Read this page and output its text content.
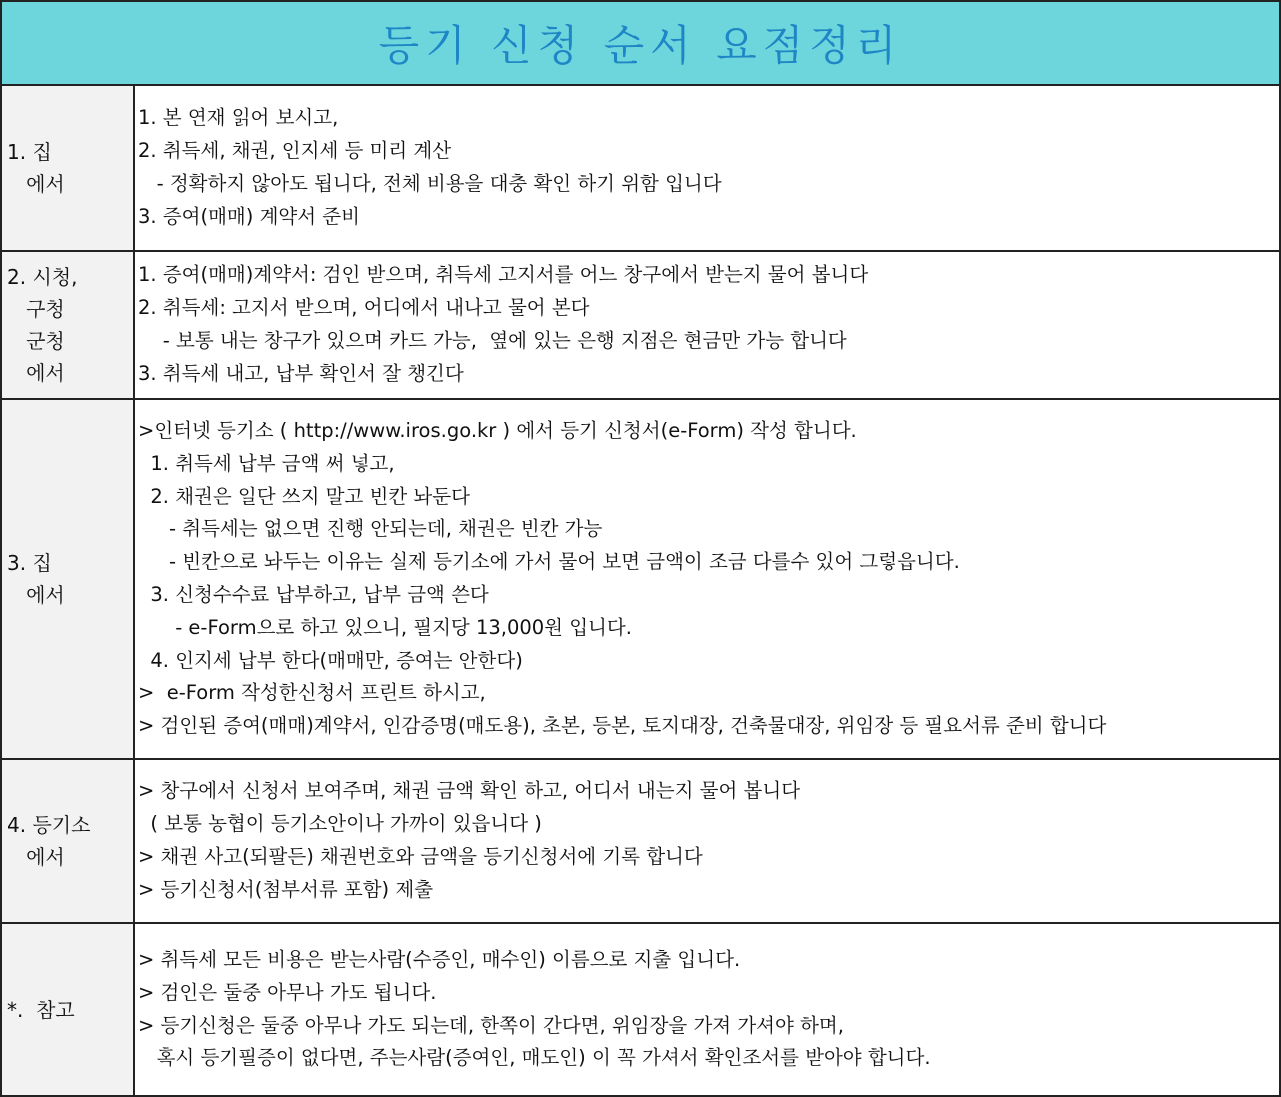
등기 신청 순서 요점정리
1. 집
에서
1. 본 연재 읽어 보시고,
2. 취득세, 채권, 인지세 등 미리 계산
- 정확하지 않아도 됩니다, 전체 비용을 대충 확인 하기 위함 입니다
3. 증여(매매) 계약서 준비
2. 시청,
구청
군청
에서
1. 증여(매매)계약서: 검인 받으며, 취득세 고지서를 어느 창구에서 받는지 물어 봅니다
2. 취득세: 고지서 받으며, 어디에서 내나고 물어 본다
- 보통 내는 창구가 있으며 카드 가능,  옆에 있는 은행 지점은 현금만 가능 합니다
3. 취득세 내고, 납부 확인서 잘 챙긴다
3. 집
에서
>인터넷 등기소 ( http://www.iros.go.kr ) 에서 등기 신청서(e-Form) 작성 합니다.
1. 취득세 납부 금액 써 넣고,
2. 채권은 일단 쓰지 말고 빈칸 놔둔다
- 취득세는 없으면 진행 안되는데, 채권은 빈칸 가능
- 빈칸으로 놔두는 이유는 실제 등기소에 가서 물어 보면 금액이 조금 다를수 있어 그렇읍니다.
3. 신청수수료 납부하고, 납부 금액 쓴다
- e-Form으로 하고 있으니, 필지당 13,000원 입니다.
4. 인지세 납부 한다(매매만, 증여는 안한다)
>  e-Form 작성한신청서 프린트 하시고,
> 검인된 증여(매매)계약서, 인감증명(매도용), 초본, 등본, 토지대장, 건축물대장, 위임장 등 필요서류 준비 합니다
4. 등기소
에서
> 창구에서 신청서 보여주며, 채권 금액 확인 하고, 어디서 내는지 물어 봅니다
( 보통 농협이 등기소안이나 가까이 있읍니다 )
> 채권 사고(되팔든) 채권번호와 금액을 등기신청서에 기록 합니다
> 등기신청서(첨부서류 포함) 제출
*.  참고
> 취득세 모든 비용은 받는사람(수증인, 매수인) 이름으로 지출 입니다.
> 검인은 둘중 아무나 가도 됩니다.
> 등기신청은 둘중 아무나 가도 되는데, 한쪽이 간다면, 위임장을 가져 가셔야 하며,
혹시 등기필증이 없다면, 주는사람(증여인, 매도인) 이 꼭 가셔서 확인조서를 받아야 합니다.
